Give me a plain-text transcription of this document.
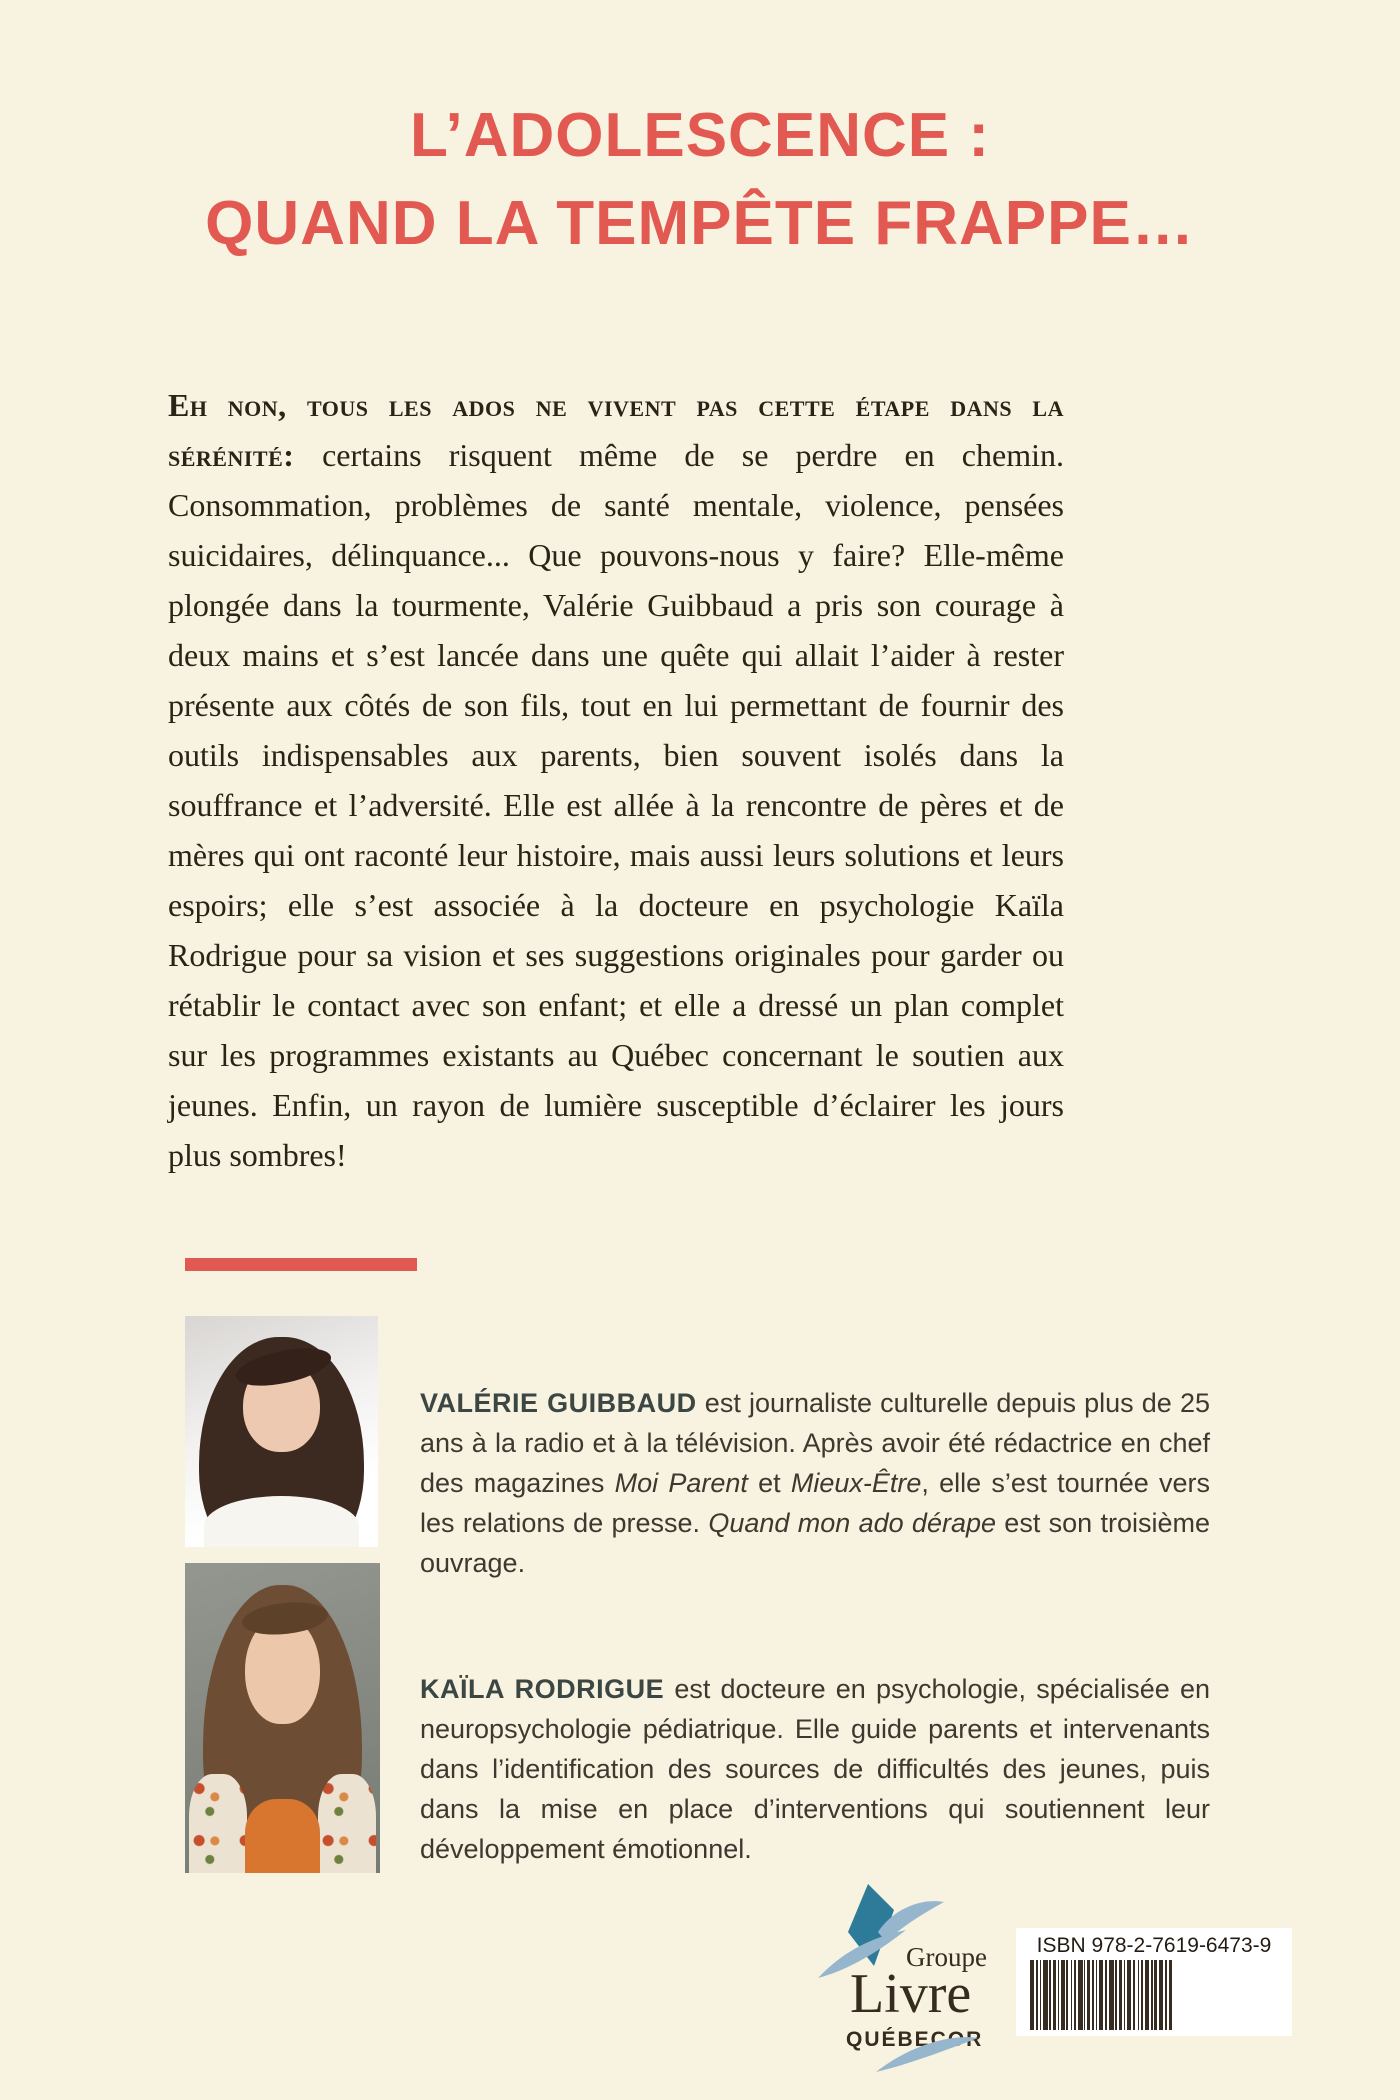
L’ADOLESCENCE :
QUAND LA TEMPÊTE FRAPPE…

Eh non, tous les ados ne vivent pas cette étape dans la sérénité: certains risquent même de se perdre en chemin. Consommation, problèmes de santé mentale, violence, pensées suicidaires, délinquance... Que pouvons-nous y faire? Elle-même plongée dans la tourmente, Valérie Guibbaud a pris son courage à deux mains et s’est lancée dans une quête qui allait l’aider à rester présente aux côtés de son fils, tout en lui permettant de fournir des outils indispensables aux parents, bien souvent isolés dans la souffrance et l’adversité. Elle est allée à la rencontre de pères et de mères qui ont raconté leur histoire, mais aussi leurs solutions et leurs espoirs; elle s’est associée à la docteure en psychologie Kaïla Rodrigue pour sa vision et ses suggestions originales pour garder ou rétablir le contact avec son enfant; et elle a dressé un plan complet sur les programmes existants au Québec concernant le soutien aux jeunes. Enfin, un rayon de lumière susceptible d’éclairer les jours plus sombres!

VALÉRIE GUIBBAUD est journaliste culturelle depuis plus de 25 ans à la radio et à la télévision. Après avoir été rédactrice en chef des magazines Moi Parent et Mieux-Être, elle s’est tournée vers les relations de presse. Quand mon ado dérape est son troisième ouvrage.

KAÏLA RODRIGUE est docteure en psychologie, spécialisée en neuropsychologie pédiatrique. Elle guide parents et intervenants dans l’identification des sources de difficultés des jeunes, puis dans la mise en place d’interventions qui soutiennent leur développement émotionnel.

Groupe
Livre
QUÉBECOR
ISBN 978-2-7619-6473-9
